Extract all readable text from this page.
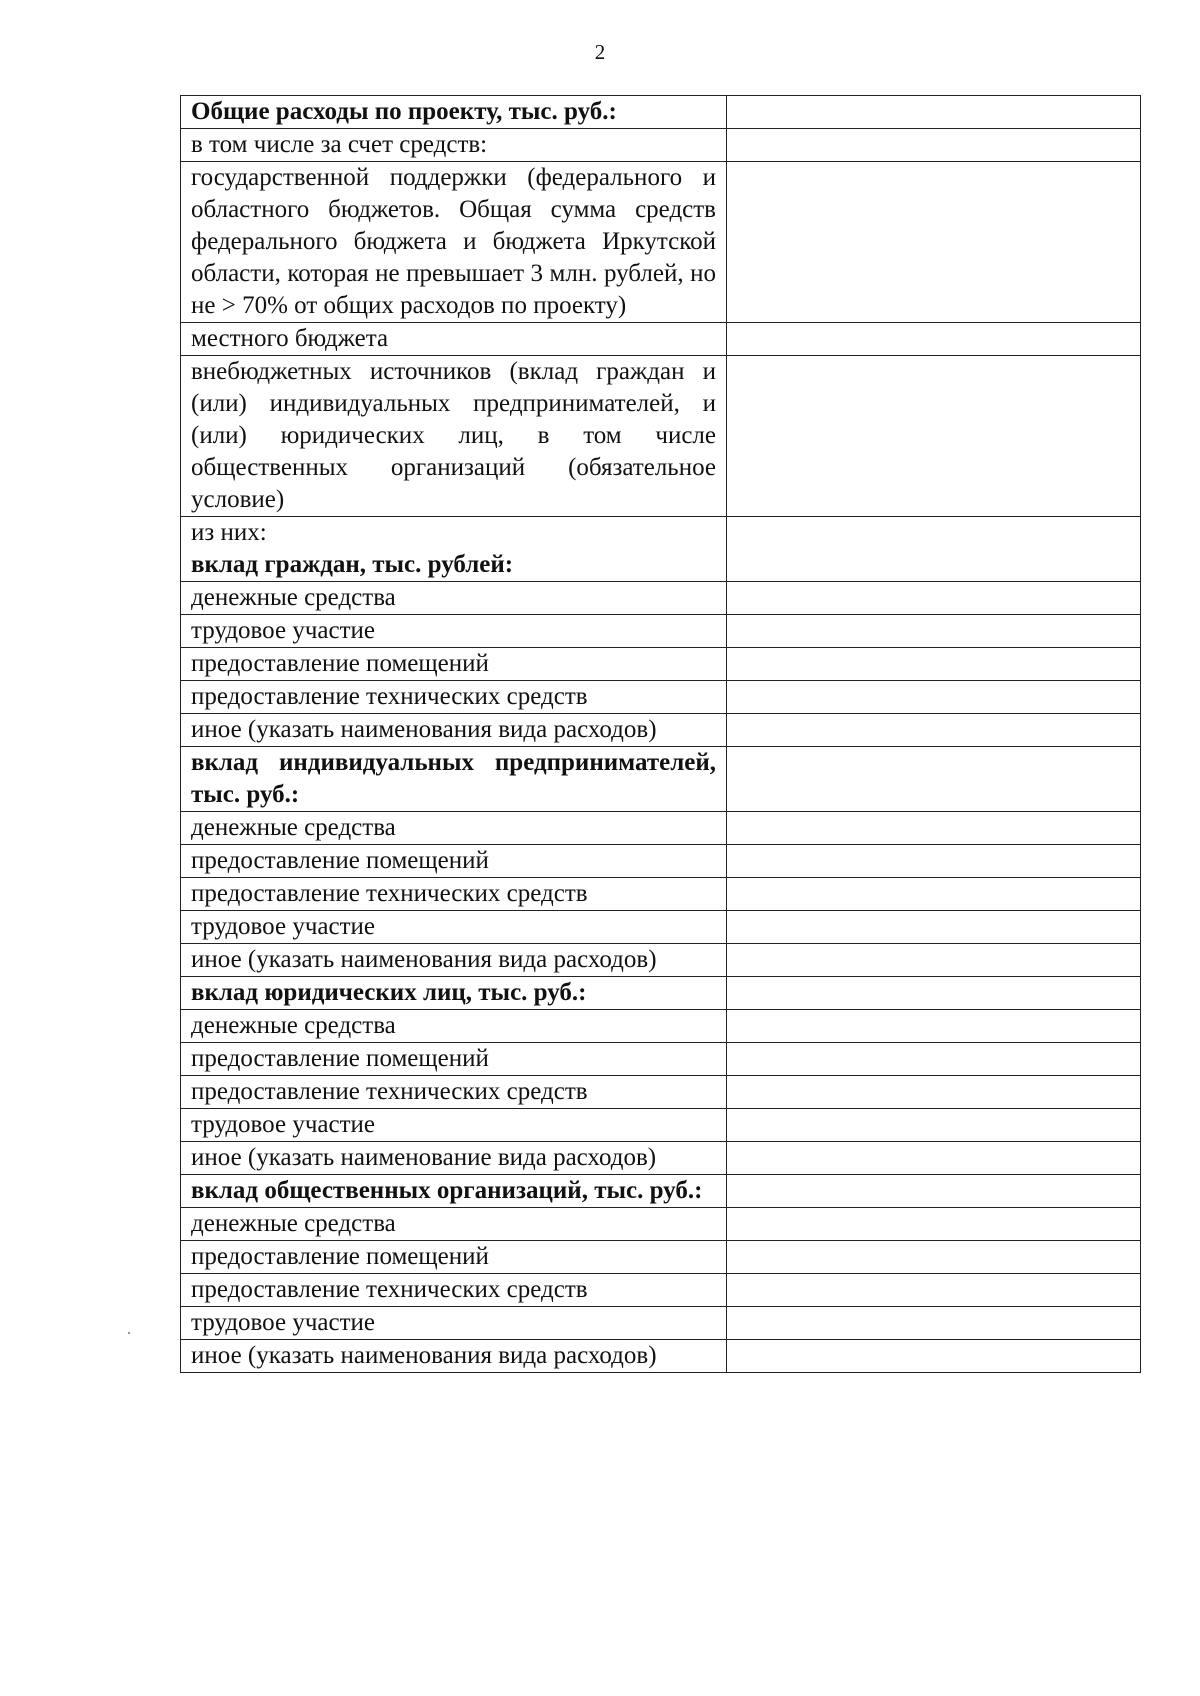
2
Общие расходы по проекту, тыс. руб.:	

в том числе за счет средств:	

государственной поддержки (федерального и областного бюджетов. Общая сумма средств федерального бюджета и бюджета Иркутской области, которая не превышает 3 млн. рублей, но не > 70% от общих расходов по проекту)	

местного бюджета	

внебюджетных источников (вклад граждан и (или) индивидуальных предпринимателей, и (или) юридических лиц, в том числе общественных организаций (обязательное условие)	

из них:
вклад граждан, тыс. рублей:	

денежные средства	

трудовое участие	

предоставление помещений	

предоставление технических средств	

иное (указать наименования вида расходов)	

вклад индивидуальных предпринимателей, тыс. руб.:	

денежные средства	

предоставление помещений	

предоставление технических средств	

трудовое участие	

иное (указать наименования вида расходов)	

вклад юридических лиц, тыс. руб.:	

денежные средства	

предоставление помещений	

предоставление технических средств	

трудовое участие	

иное (указать наименование вида расходов)	

вклад общественных организаций, тыс. руб.:	

денежные средства	

предоставление помещений	

предоставление технических средств	

трудовое участие	

иное (указать наименования вида расходов)	
